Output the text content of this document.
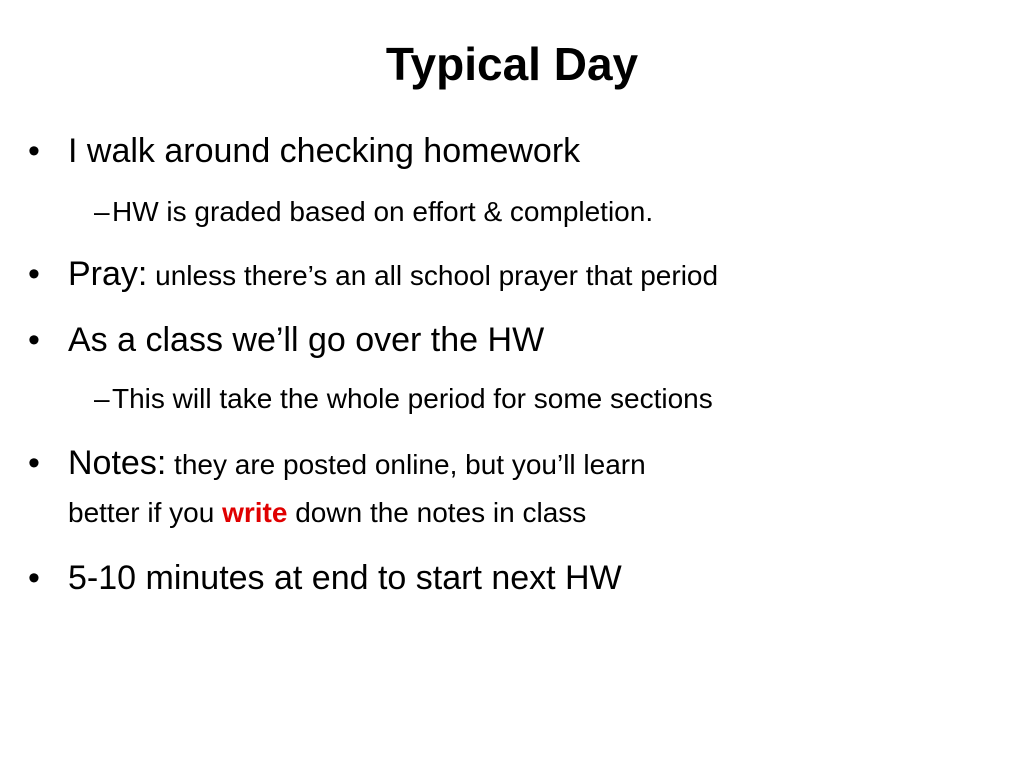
Typical Day
• I walk around checking homework
– HW is graded based on effort & completion.
• Pray: unless there’s an all school prayer that period
• As a class we’ll go over the HW
– This will take the whole period for some sections
• Notes: they are posted online, but you’ll learn
better if you write down the notes in class
• 5-10 minutes at end to start next HW
